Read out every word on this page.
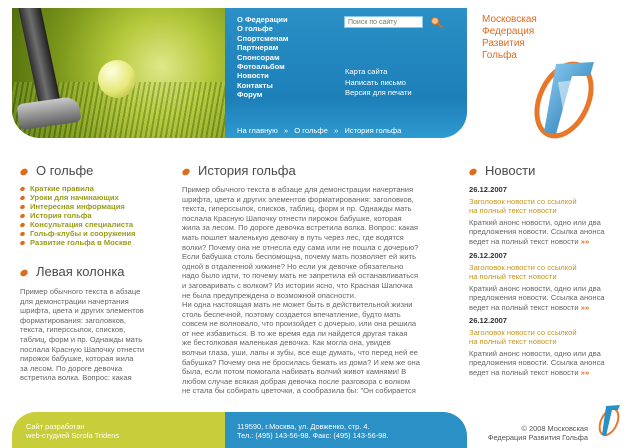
О Федерации
О гольфе
Спортсменам
Партнерам
Спонсорам
Фотоальбом
Новости
Контакты
Форум
Поиск по сайту
Карта сайта
Написать письмо
Версия для печати
На главную » О гольфе » История гольфа
Московская
Федерация
Развития
Гольфа
О гольфе
Краткие правила
Уроки для начинающих
Интересная информация
История гольфа
Консультация специалиста
Гольф-клубы и сооружения
Развитие гольфа в Москве
Левая колонка
Пример обычного текста в абзаце
для демонстрации начертания
шрифта, цвета и других элементов
форматирования: заголовков,
текста, гиперссылок, списков,
таблиц, форм и пр. Однажды мать
послала Красную Шапочку отнести
пирожок бабушке, которая жила
за лесом. По дороге девочка
встретила волка. Вопрос: какая
История гольфа
Пример обычного текста в абзаце для демонстрации начертания
шрифта, цвета и других элементов форматирования: заголовков,
текста, гиперссылок, списков, таблиц, форм и пр. Однажды мать
послала Красную Шапочку отнести пирожок бабушке, которая
жила за лесом. По дороге девочка встретила волка. Вопрос: какая
мать пошлет маленькую девочку в путь через лес, где водятся
волки? Почему она не отнесла еду сама или не пошла с дочерью?
Если бабушка столь беспомощна, почему мать позволяет ей жить
одной в отдаленной хижине? Но если уж девочке обязательно
надо было идти, то почему мать не запретила ей останавливаться
и заговаривать с волком? Из истории ясно, что Красная Шапочка
не была предупреждена о возможной опасности.
Ни одна настоящая мать не может быть в действительной жизни
столь беспечной, поэтому создается впечатление, будто мать
совсем не волновало, что произойдет с дочерью, или она решила
от нее избавиться. В то же время еда ли найдется другая такая
же бестолковая маленькая девочка. Как могла она, увидев
волчьи глаза, уши, лапы и зубы, все еще думать, что перед ней ее
бабушка? Почему она не бросилась бежать из дома? И кем же она
была, если потом помогала набивать волчий живот камнями! В
любом случае всякая добрая девочка после разговора с волком
не стала бы собирать цветочки, а сообразила бы: "Он собирается
Новости
26.12.2007
Заголовок новости со ссылкой
на полный текст новости
Краткий анонс новости, одно или два
предложения новости. Ссылка анонса
ведет на полный текст новости »»
26.12.2007
Заголовок новости со ссылкой
на полный текст новости
Краткий анонс новости, одно или два
предложения новости. Ссылка анонса
ведет на полный текст новости »»
26.12.2007
Заголовок новости со ссылкой
на полный текст новости
Краткий анонс новости, одно или два
предложения новости. Ссылка анонса
ведет на полный текст новости »»

Сайт разработан
web-студией Scrofa Tridens

119590, г.Москва, ул. Довженко, стр. 4.
Тел.: (495) 143-56-98. Факс: (495) 143-56-98.

© 2008 Московская
Федерация Развития Гольфа
